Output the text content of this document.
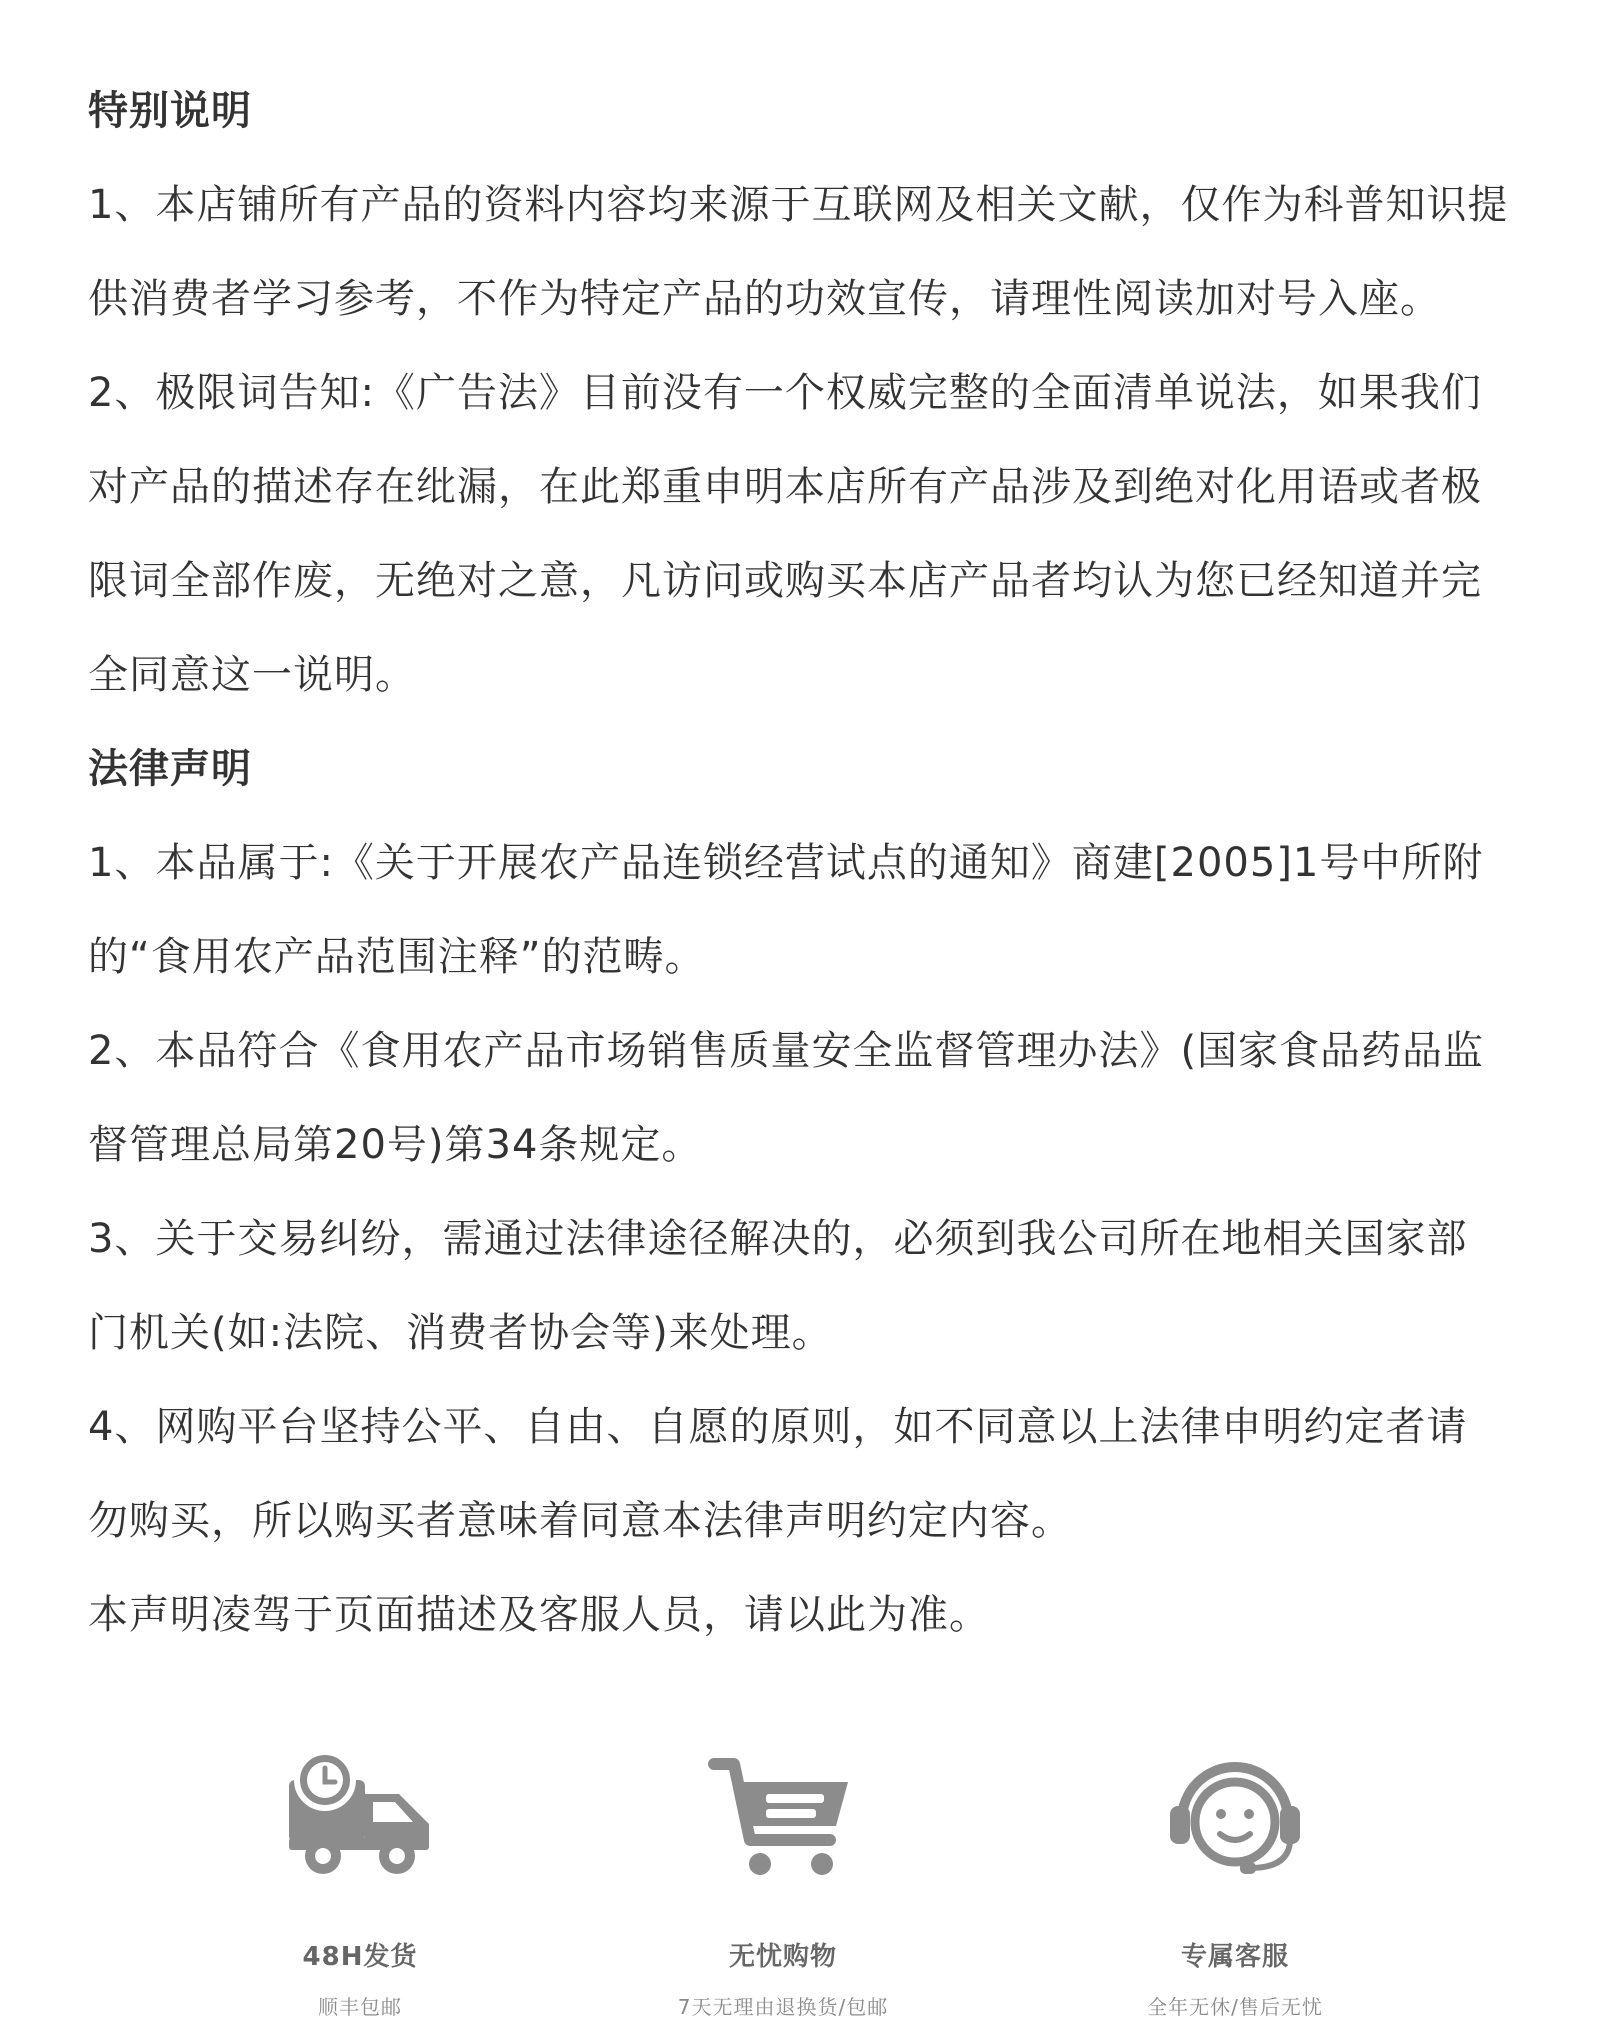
特别说明
1、本店铺所有产品的资料内容均来源于互联网及相关文献，仅作为科普知识提
供消费者学习参考，不作为特定产品的功效宣传，请理性阅读加对号入座。
2、极限词告知:《广告法》目前没有一个权威完整的全面清单说法，如果我们
对产品的描述存在纰漏，在此郑重申明本店所有产品涉及到绝对化用语或者极
限词全部作废，无绝对之意，凡访问或购买本店产品者均认为您已经知道并完
全同意这一说明。
法律声明
1、本品属于:《关于开展农产品连锁经营试点的通知》商建[2005]1号中所附
的“食用农产品范围注释”的范畴。
2、本品符合《食用农产品市场销售质量安全监督管理办法》(国家食品药品监
督管理总局第20号)第34条规定。
3、关于交易纠纷，需通过法律途径解决的，必须到我公司所在地相关国家部
门机关(如:法院、消费者协会等)来处理。
4、网购平台坚持公平、自由、自愿的原则，如不同意以上法律申明约定者请
勿购买，所以购买者意味着同意本法律声明约定内容。
本声明凌驾于页面描述及客服人员，请以此为准。
48H发货
顺丰包邮
无忧购物
7天无理由退换货/包邮
专属客服
全年无休/售后无忧
